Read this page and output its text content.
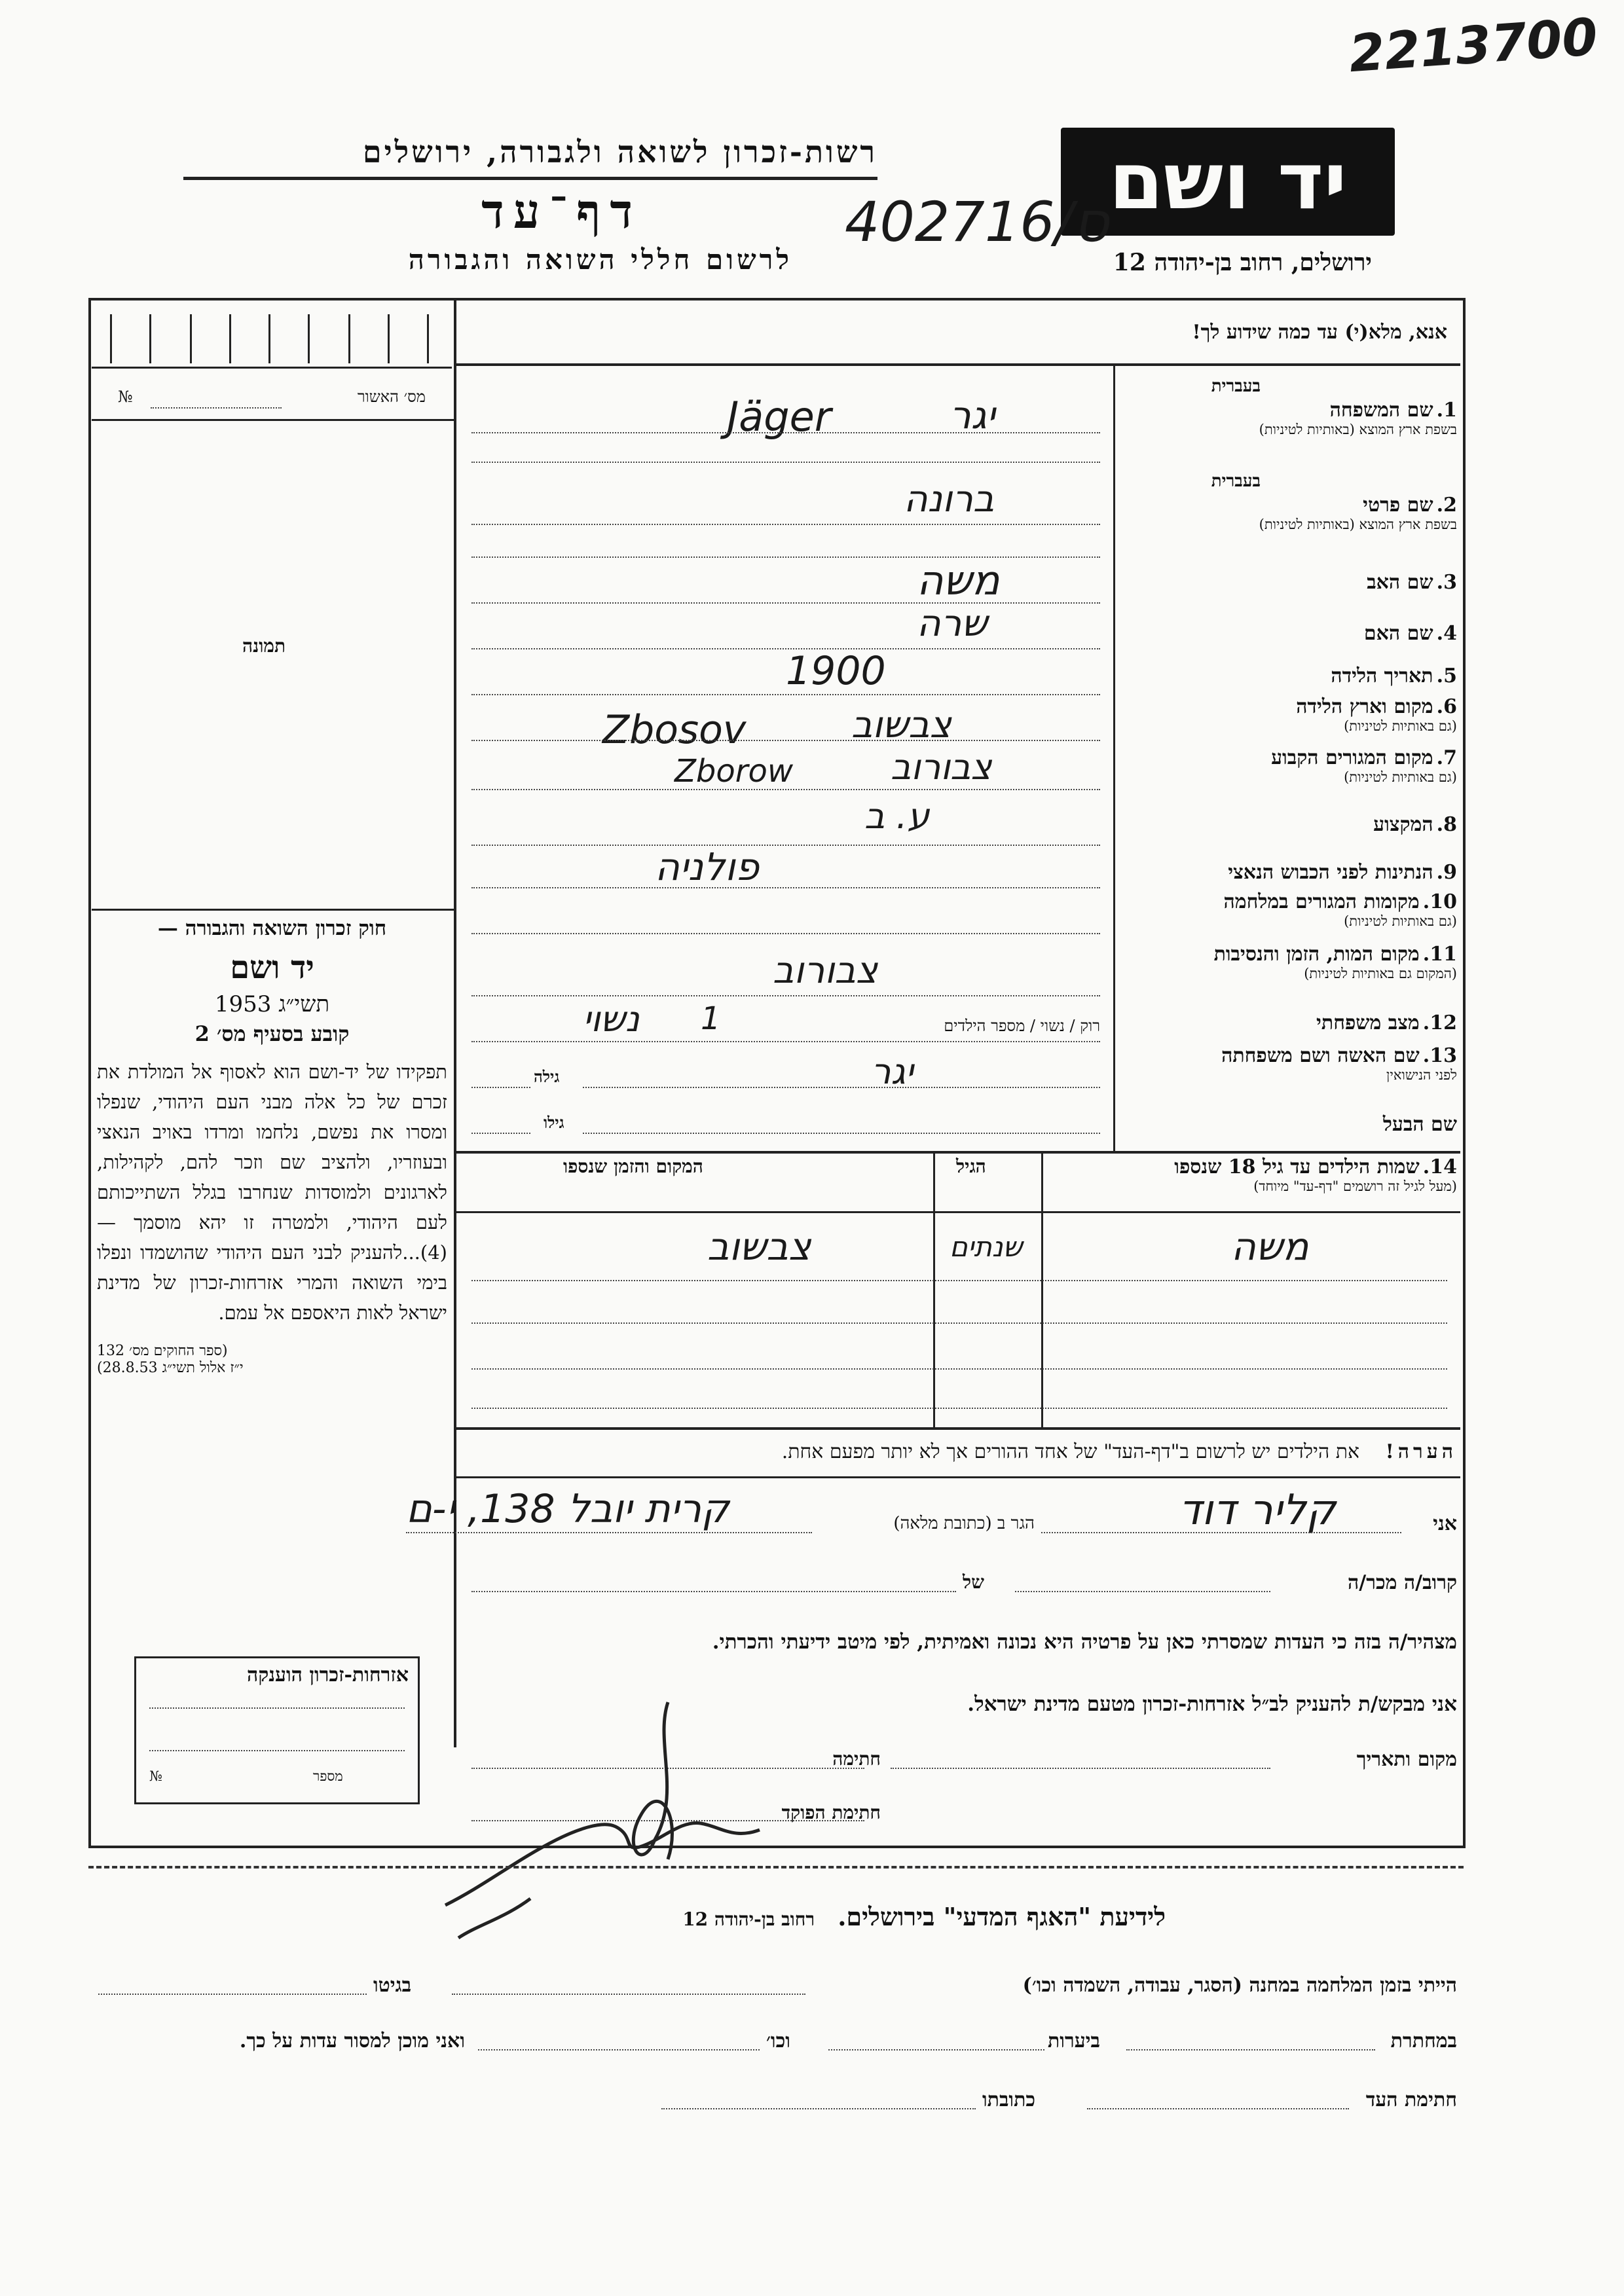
2213700
יד ושם
רשות-זכרון לשואה ולגבורה, ירושלים
דף־עד	402716/ס
ירושלים, רחוב בן-יהודה 12
לרשום חללי השואה והגבורה
מס׳ האשור
№
תמונה
חוק זכרון השואה והגבורה —
יד ושם
תשי״ג 1953
קובע בסעיף מס׳ 2
תפקידו של יד-ושם הוא לאסוף אל המולדת את זכרם של כל אלה מבני העם היהודי, שנפלו ומסרו את נפשם, נלחמו ומרדו באויב הנאצי ובעוזריו, ולהציב שם וזכר להם, לקהילות, לארגונים ולמוסדות שנחרבו בגלל השתייכותם לעם היהודי, ולמטרה זו יהא מוסמך — (4)...להעניק לבני העם היהודי שהושמדו ונפלו בימי השואה והמרי אזרחות-זכרון של מדינת ישראל לאות היאספם אל עמם.
(ספר החוקים מס׳ 132
י״ז אלול תשי״ג 28.8.53)
אזרחות-זכרון הוענקה
מספר
№
אנא, מלא(י) עד כמה שידוע לך!
בעברית
1. שם המשפחה
בשפת ארץ המוצא (באותיות לטיניות)
יגר
Jäger
בעברית
2. שם פרטי
בשפת ארץ המוצא (באותיות לטיניות)
ברונה
3. שם האב
משה
4. שם האם
שרה
5. תאריך הלידה
1900
6. מקום וארץ הלידה
(גם באותיות לטיניות)
צבשוב
Zbosov
7. מקום המגורים הקבוע
(גם באותיות לטיניות)
צבורוב
Zborow
8. המקצוע
ע. ב
9. הנתינות לפני הכבוש הנאצי
פולניה
10. מקומות המגורים במלחמה
(גם באותיות לטיניות)
11. מקום המות, הזמן והנסיבות
(המקום גם באותיות לטיניות)
צבורוב
12. מצב משפחתי
רוק / נשוי / מספר הילדים
נשוי 1
13. שם האשה ושם משפחתה
לפני הנישואין
יגר
גילה
שם הבעל
גילו
14. שמות הילדים עד גיל 18 שנספו
(מעל לגיל זה רושמים "דף-עד" מיוחד)
הגיל
המקום והזמן שנספו
משה
שנתים
צבשוב
הערה! את הילדים יש לרשום ב"דף-העד" של אחד ההורים אך לא יותר מפעם אחת.
אני
קליר דוד
הגר ב (כתובת מלאה)
קרית יובל 138, י-ם
קרוב/ה מכר/ה
של
מצהיר/ה בזה כי העדות שמסרתי כאן על פרטיה היא נכונה ואמיתית, לפי מיטב ידיעתי והכרתי.
אני מבקש/ת להעניק לב״ל אזרחות-זכרון מטעם מדינת ישראל.
מקום ותאריך
חתימה
חתימת הפוקד
לידיעת "האגף המדעי" בירושלים. רחוב בן-יהודה 12
הייתי בזמן המלחמה במחנה (הסגר, עבודה, השמדה וכו׳)
בגיטו
במחתרת
ביערות
וכו׳
ואני מוכן למסור עדות על כך.
חתימת העד
כתובתו
